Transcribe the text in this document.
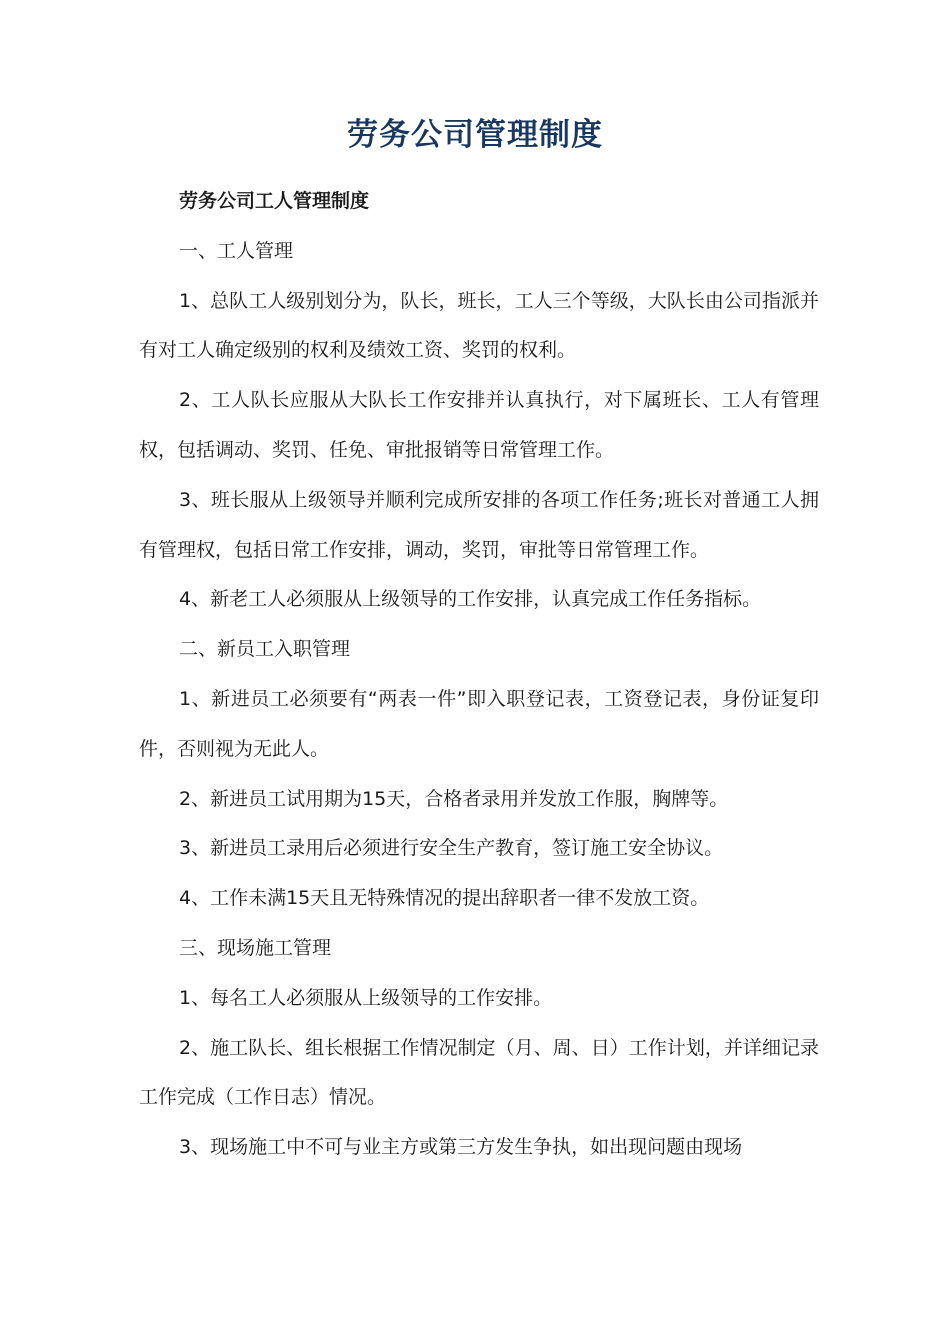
劳务公司管理制度

劳务公司工人管理制度

一、工人管理

1、总队工人级别划分为，队长，班长，工人三个等级，大队长由公司指派并有对工人确定级别的权利及绩效工资、奖罚的权利。

2、工人队长应服从大队长工作安排并认真执行，对下属班长、工人有管理权，包括调动、奖罚、任免、审批报销等日常管理工作。

3、班长服从上级领导并顺利完成所安排的各项工作任务;班长对普通工人拥有管理权，包括日常工作安排，调动，奖罚，审批等日常管理工作。

4、新老工人必须服从上级领导的工作安排，认真完成工作任务指标。

二、新员工入职管理

1、新进员工必须要有“两表一件”即入职登记表，工资登记表，身份证复印件，否则视为无此人。

2、新进员工试用期为15天，合格者录用并发放工作服，胸牌等。

3、新进员工录用后必须进行安全生产教育，签订施工安全协议。

4、工作未满15天且无特殊情况的提出辞职者一律不发放工资。

三、现场施工管理

1、每名工人必须服从上级领导的工作安排。

2、施工队长、组长根据工作情况制定（月、周、日）工作计划，并详细记录工作完成（工作日志）情况。

3、现场施工中不可与业主方或第三方发生争执，如出现问题由现场
